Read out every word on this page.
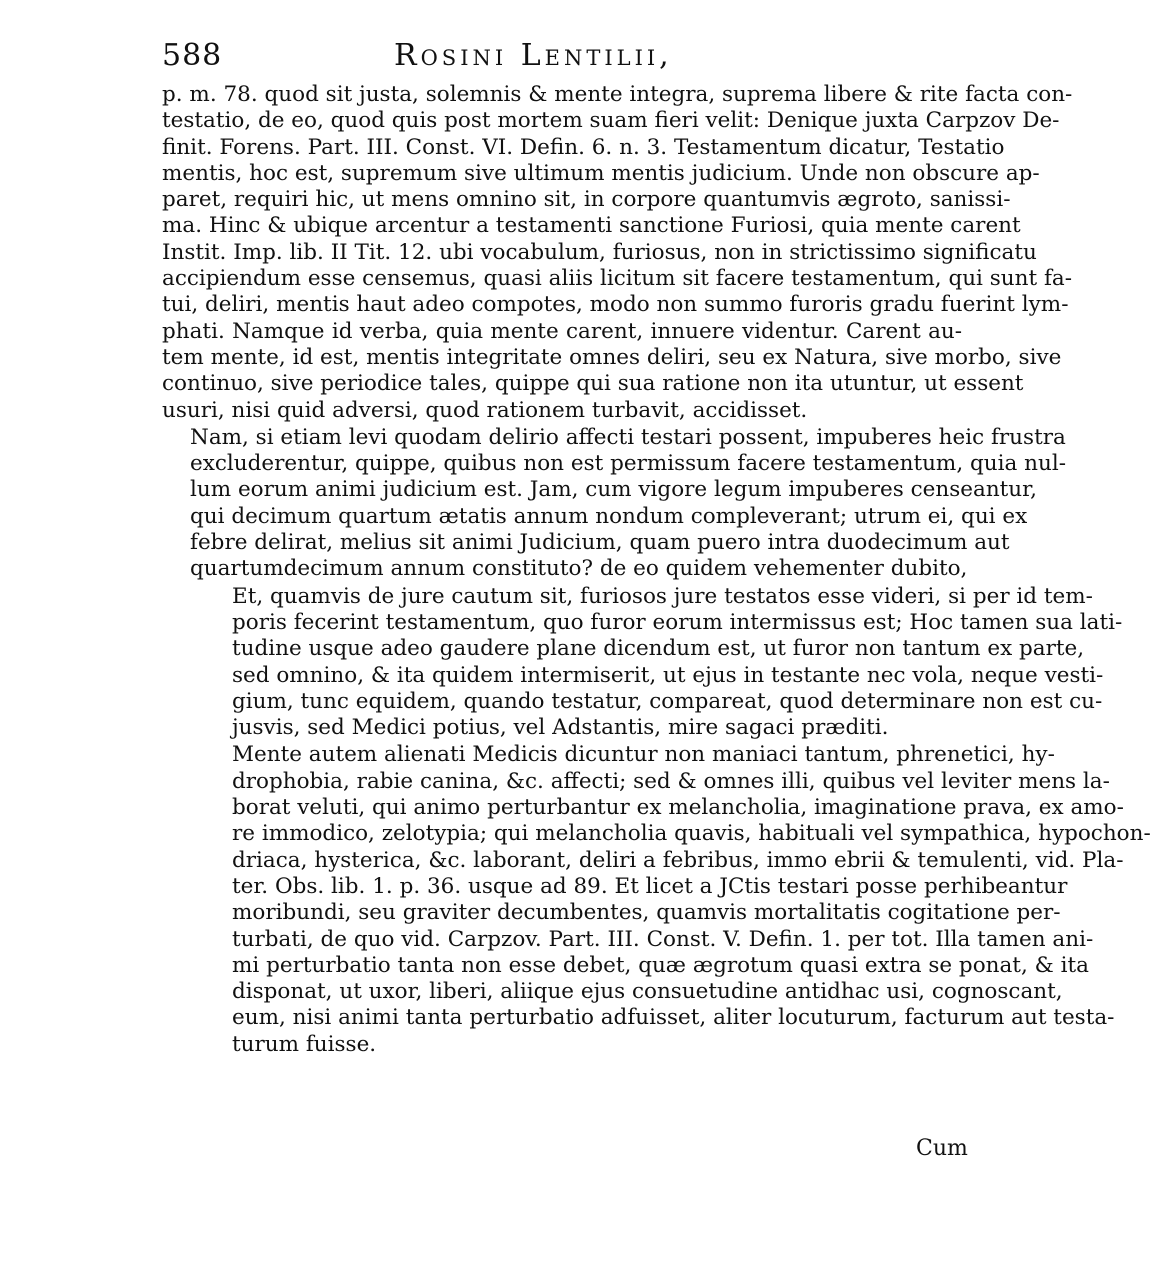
588	Rosini Lentilii,

p. m. 78. quod sit justa, solemnis & mente integra, suprema libere & rite facta con-
testatio, de eo, quod quis post mortem suam fieri velit: Denique juxta Carpzov De-
finit. Forens. Part. III. Const. VI. Defin. 6. n. 3. Testamentum dicatur, Testatio
mentis, hoc est, supremum sive ultimum mentis judicium. Unde non obscure ap-
paret, requiri hic, ut mens omnino sit, in corpore quantumvis ægroto, sanissi-
ma. Hinc & ubique arcentur a testamenti sanctione Furiosi, quia mente carent
Instit. Imp. lib. II Tit. 12. ubi vocabulum, furiosus, non in strictissimo significatu
accipiendum esse censemus, quasi aliis licitum sit facere testamentum, qui sunt fa-
tui, deliri, mentis haut adeo compotes, modo non summo furoris gradu fuerint lym-
phati. Namque id verba, quia mente carent, innuere videntur. Carent au-
tem mente, id est, mentis integritate omnes deliri, seu ex Natura, sive morbo, sive
continuo, sive periodice tales, quippe qui sua ratione non ita utuntur, ut essent
usuri, nisi quid adversi, quod rationem turbavit, accidisset.

Nam, si etiam levi quodam delirio affecti testari possent, impuberes heic frustra
excluderentur, quippe, quibus non est permissum facere testamentum, quia nul-
lum eorum animi judicium est. Jam, cum vigore legum impuberes censeantur,
qui decimum quartum ætatis annum nondum compleverant; utrum ei, qui ex
febre delirat, melius sit animi Judicium, quam puero intra duodecimum aut
quartumdecimum annum constituto? de eo quidem vehementer dubito,

Et, quamvis de jure cautum sit, furiosos jure testatos esse videri, si per id tem-
poris fecerint testamentum, quo furor eorum intermissus est; Hoc tamen sua lati-
tudine usque adeo gaudere plane dicendum est, ut furor non tantum ex parte,
sed omnino, & ita quidem intermiserit, ut ejus in testante nec vola, neque vesti-
gium, tunc equidem, quando testatur, compareat, quod determinare non est cu-
jusvis, sed Medici potius, vel Adstantis, mire sagaci præditi.

Mente autem alienati Medicis dicuntur non maniaci tantum, phrenetici, hy-
drophobia, rabie canina, &c. affecti; sed & omnes illi, quibus vel leviter mens la-
borat veluti, qui animo perturbantur ex melancholia, imaginatione prava, ex amo-
re immodico, zelotypia; qui melancholia quavis, habituali vel sympathica, hypochon-
driaca, hysterica, &c. laborant, deliri a febribus, immo ebrii & temulenti, vid. Pla-
ter. Obs. lib. 1. p. 36. usque ad 89. Et licet a JCtis testari posse perhibeantur
moribundi, seu graviter decumbentes, quamvis mortalitatis cogitatione per-
turbati, de quo vid. Carpzov. Part. III. Const. V. Defin. 1. per tot. Illa tamen ani-
mi perturbatio tanta non esse debet, quæ ægrotum quasi extra se ponat, & ita
disponat, ut uxor, liberi, aliique ejus consuetudine antidhac usi, cognoscant,
eum, nisi animi tanta perturbatio adfuisset, aliter locuturum, facturum aut testa-
turum fuisse.

Cum
